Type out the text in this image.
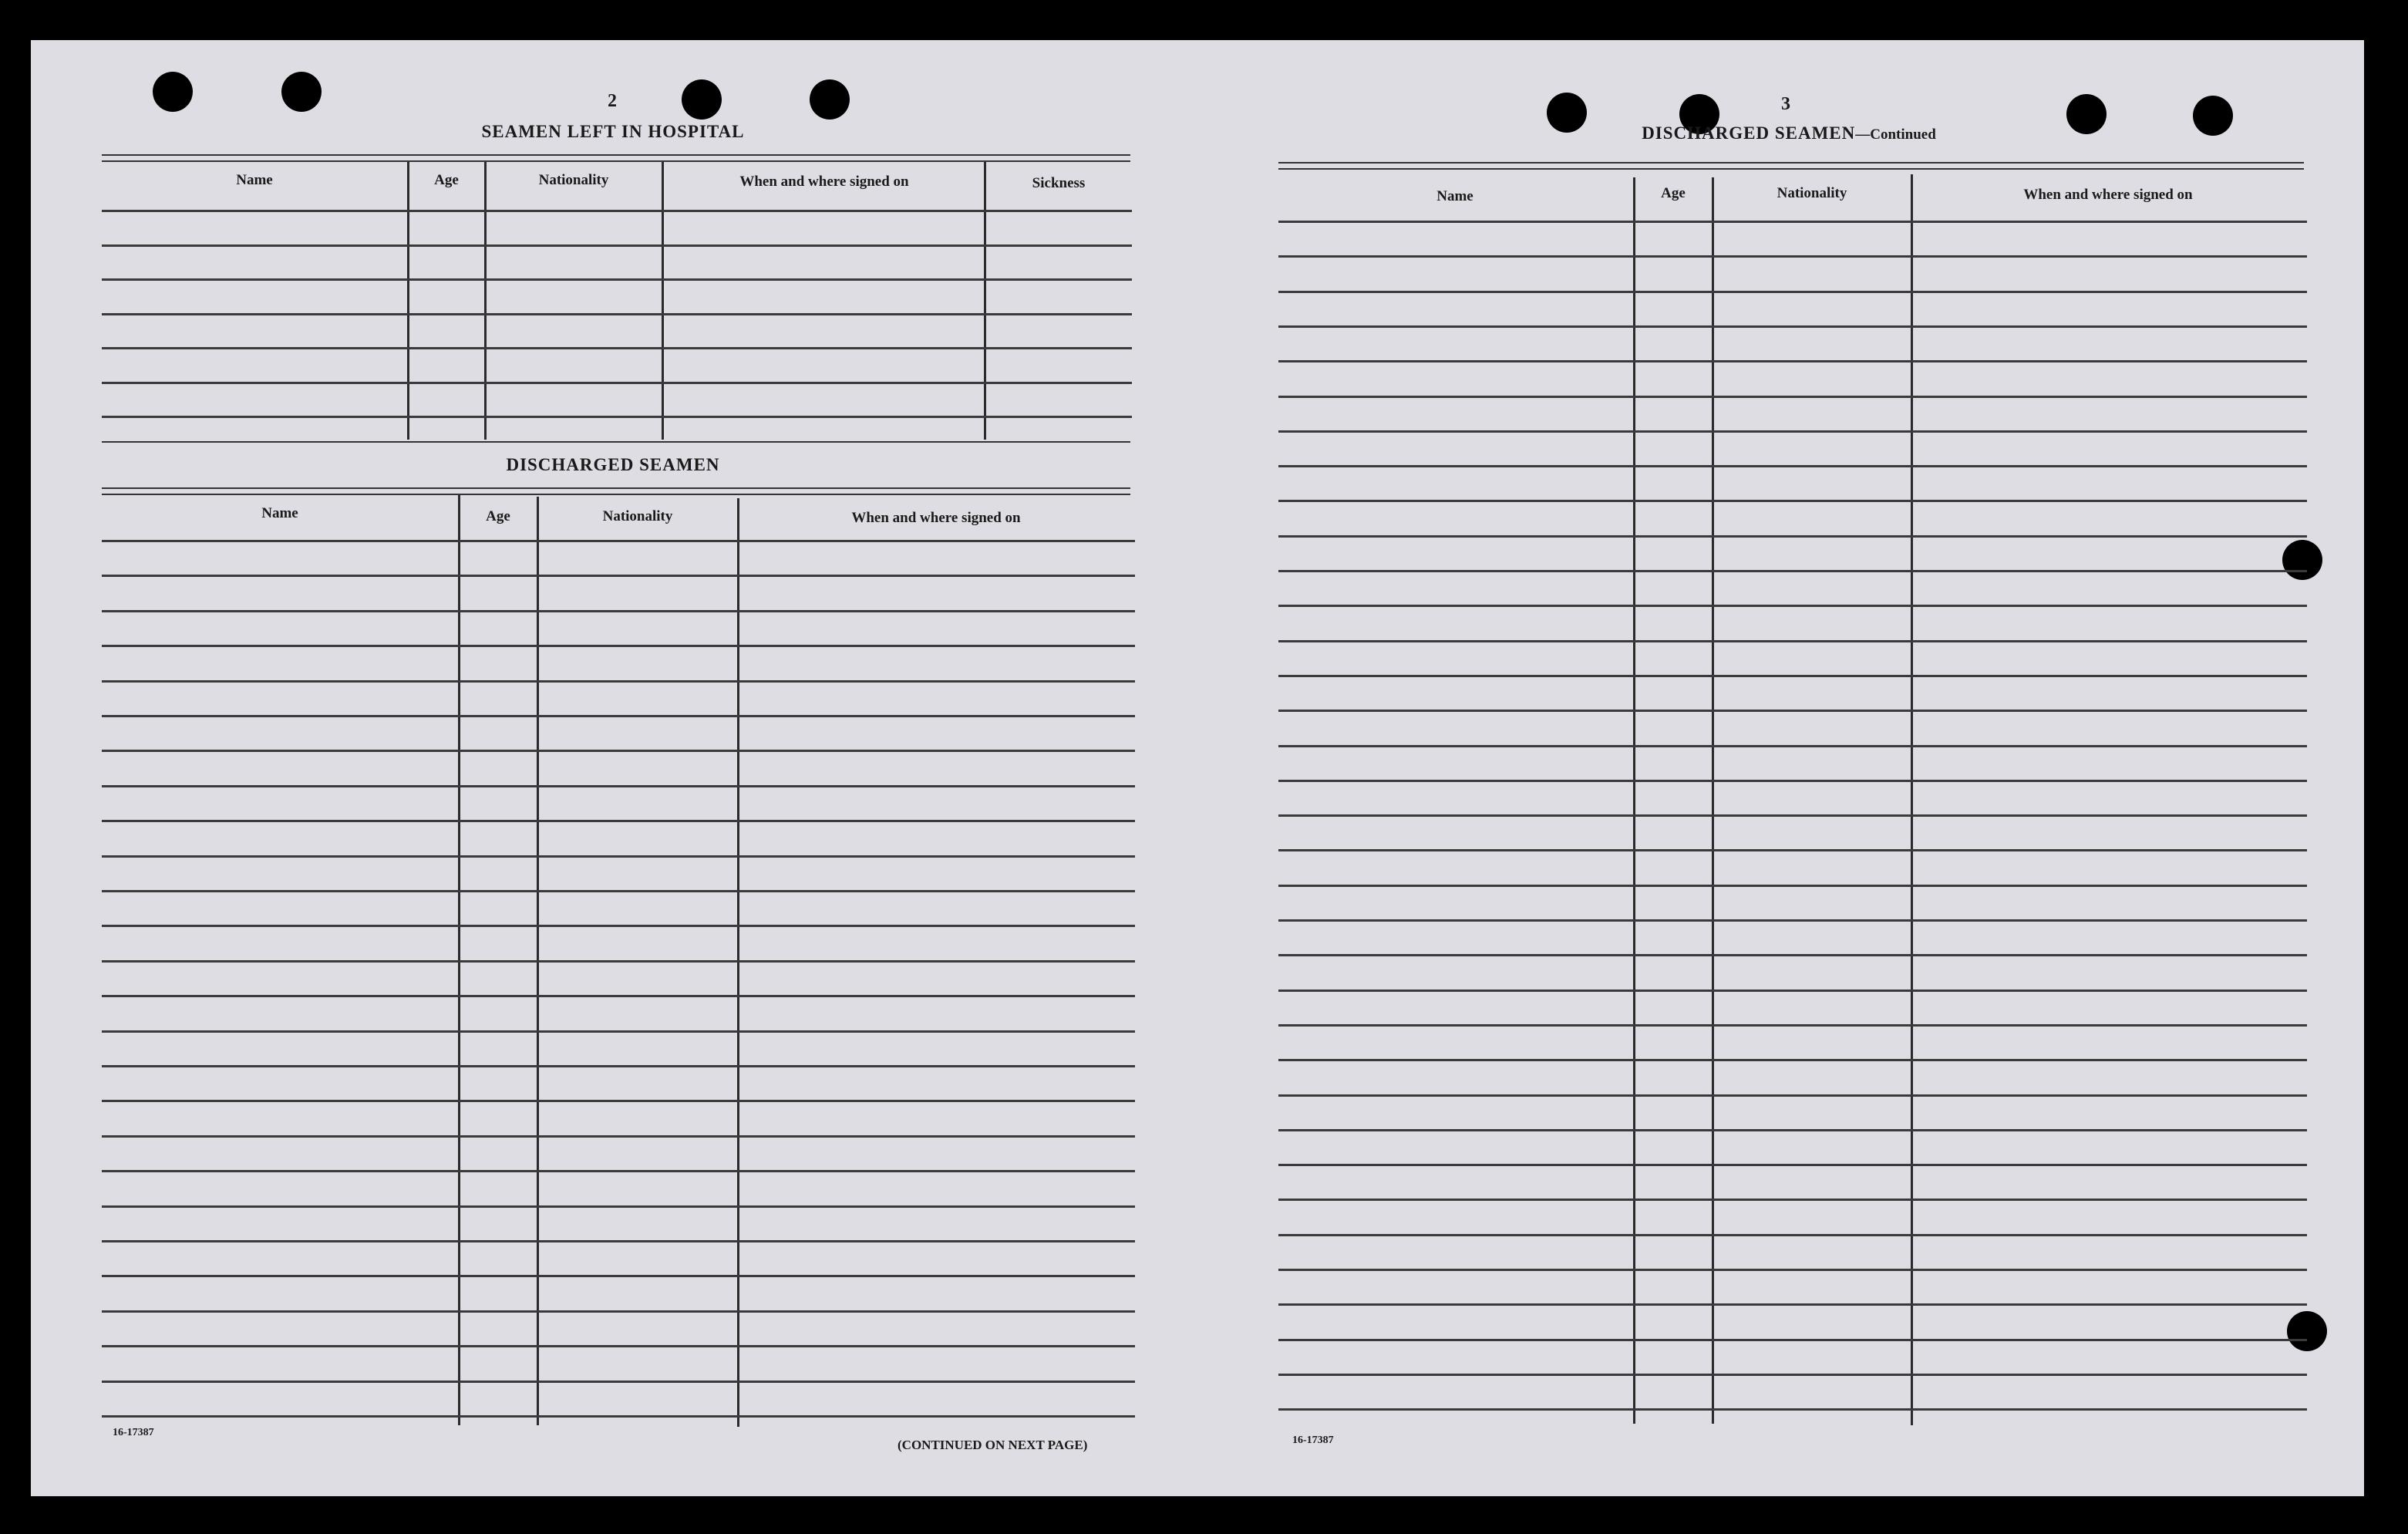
2
SEAMEN LEFT IN HOSPITAL
Name	Age	Nationality	When and where signed on	Sickness
DISCHARGED SEAMEN
Name	Age	Nationality	When and where signed on
16-17387
(CONTINUED ON NEXT PAGE)
3
DISCHARGED SEAMEN—Continued
Name	Age	Nationality	When and where signed on
16-17387
